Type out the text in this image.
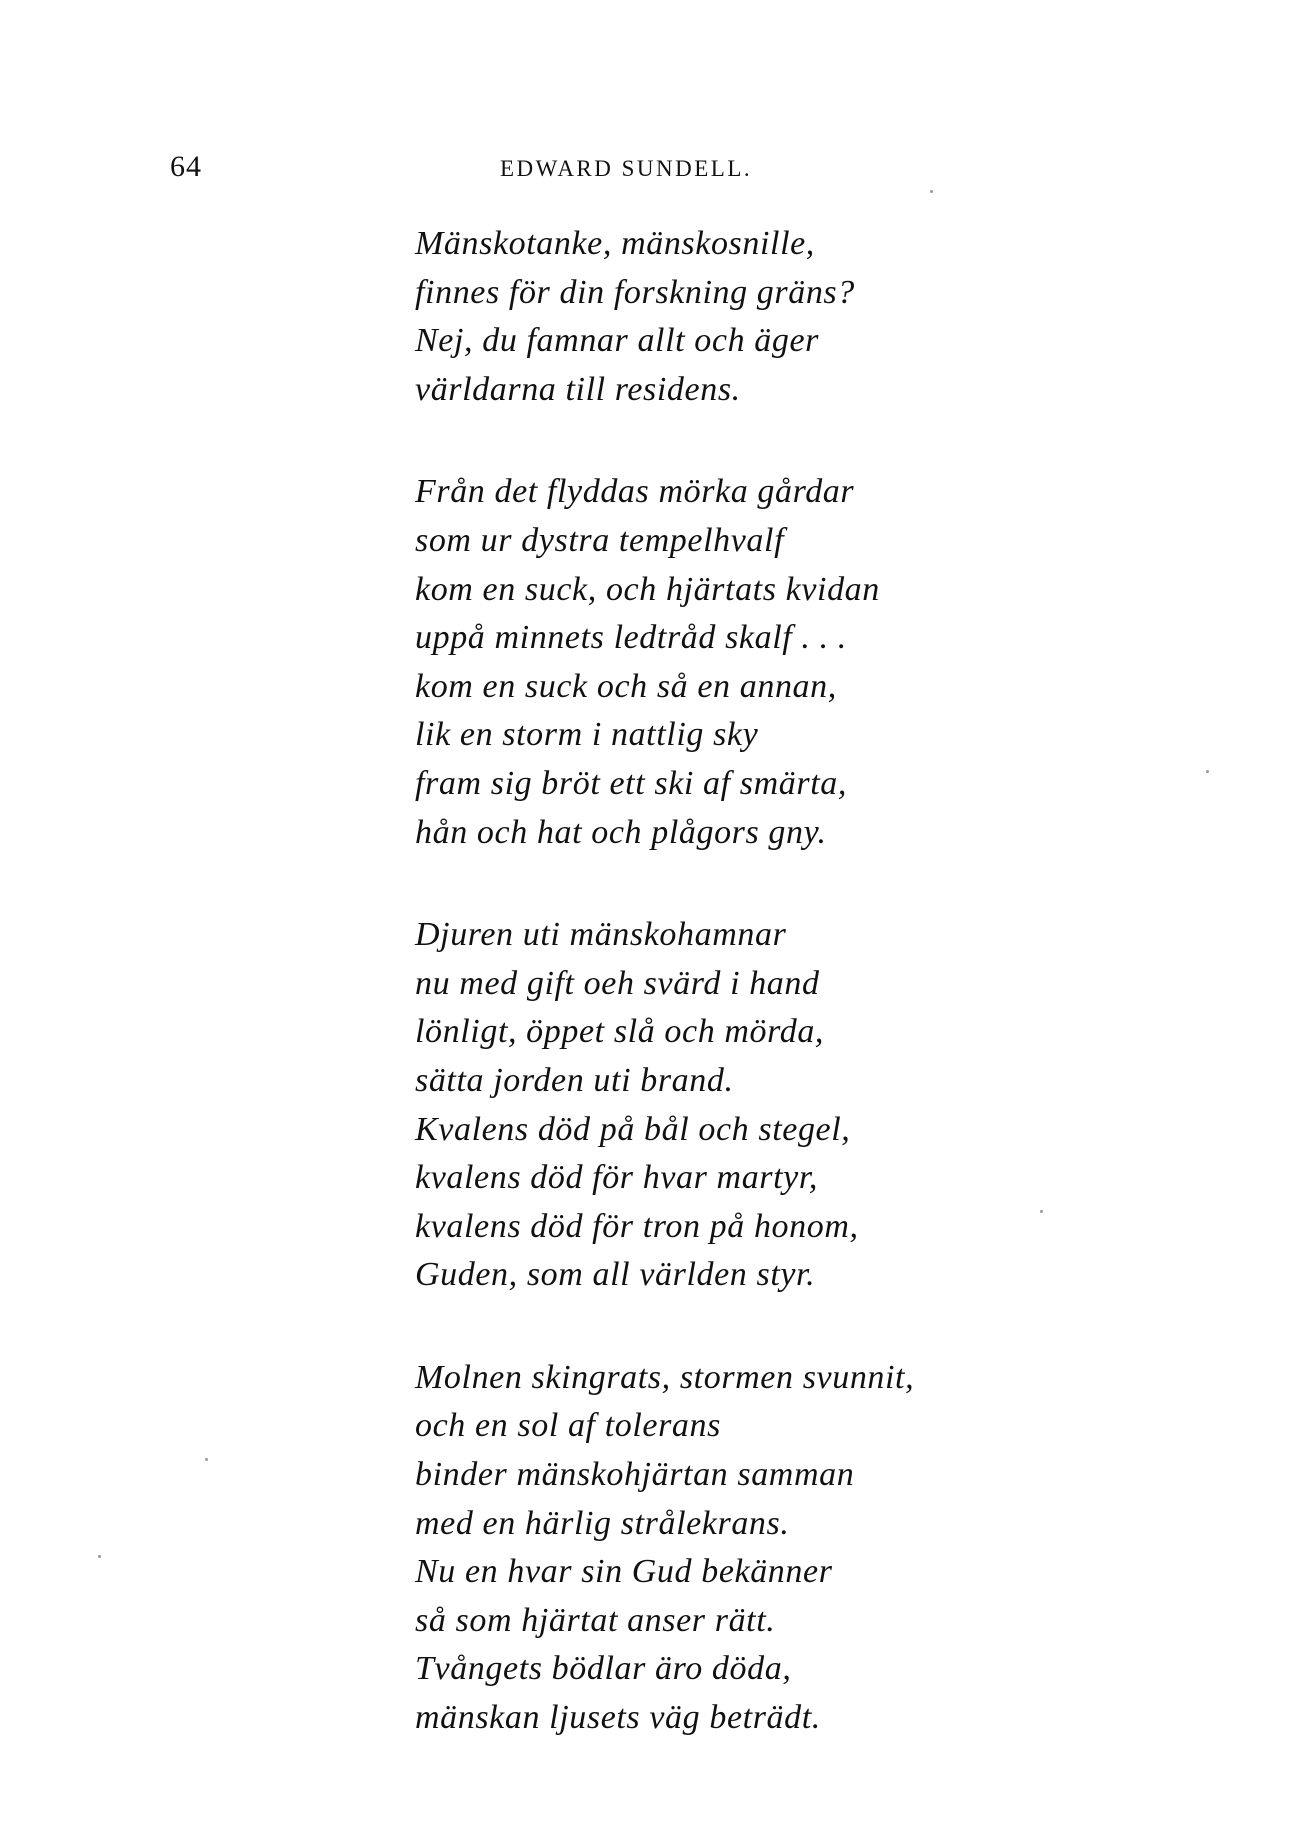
64	EDWARD SUNDELL.
Mänskotanke, mänskosnille,
finnes för din forskning gräns?
Nej, du famnar allt och äger
världarna till residens.
Från det flyddas mörka gårdar
som ur dystra tempelhvalf
kom en suck, och hjärtats kvidan
uppå minnets ledtråd skalf . . .
kom en suck och så en annan,
lik en storm i nattlig sky
fram sig bröt ett ski af smärta,
hån och hat och plågors gny.
Djuren uti mänskohamnar
nu med gift oeh svärd i hand
lönligt, öppet slå och mörda,
sätta jorden uti brand.
Kvalens död på bål och stegel,
kvalens död för hvar martyr,
kvalens död för tron på honom,
Guden, som all världen styr.
Molnen skingrats, stormen svunnit,
och en sol af tolerans
binder mänskohjärtan samman
med en härlig strålekrans.
Nu en hvar sin Gud bekänner
så som hjärtat anser rätt.
Tvångets bödlar äro döda,
mänskan ljusets väg beträdt.
